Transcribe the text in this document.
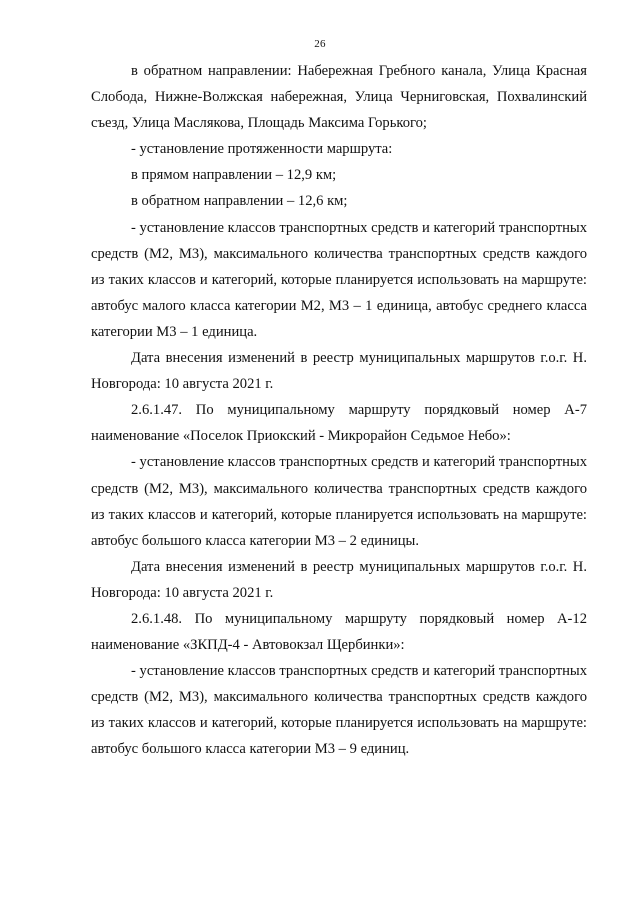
26

в обратном направлении: Набережная Гребного канала, Улица Красная Слобода, Нижне-Волжская набережная, Улица Черниговская, Похвалинский съезд, Улица Маслякова, Площадь Максима Горького;

- установление протяженности маршрута:

в прямом направлении – 12,9 км;

в обратном направлении – 12,6 км;

- установление классов транспортных средств и категорий транспортных средств (М2, М3), максимального количества транспортных средств каждого из таких классов и категорий, которые планируется использовать на маршруте: автобус малого класса категории М2, М3 – 1 единица, автобус среднего класса категории М3 – 1 единица.

Дата внесения изменений в реестр муниципальных маршрутов г.о.г. Н. Новгорода: 10 августа 2021 г.

2.6.1.47. По муниципальному маршруту порядковый номер А-7 наименование «Поселок Приокский - Микрорайон Седьмое Небо»:

- установление классов транспортных средств и категорий транспортных средств (М2, М3), максимального количества транспортных средств каждого из таких классов и категорий, которые планируется использовать на маршруте: автобус большого класса категории М3 – 2 единицы.

Дата внесения изменений в реестр муниципальных маршрутов г.о.г. Н. Новгорода: 10 августа 2021 г.

2.6.1.48. По муниципальному маршруту порядковый номер А-12 наименование «ЗКПД-4 - Автовокзал Щербинки»:

- установление классов транспортных средств и категорий транспортных средств (М2, М3), максимального количества транспортных средств каждого из таких классов и категорий, которые планируется использовать на маршруте: автобус большого класса категории М3 – 9 единиц.
